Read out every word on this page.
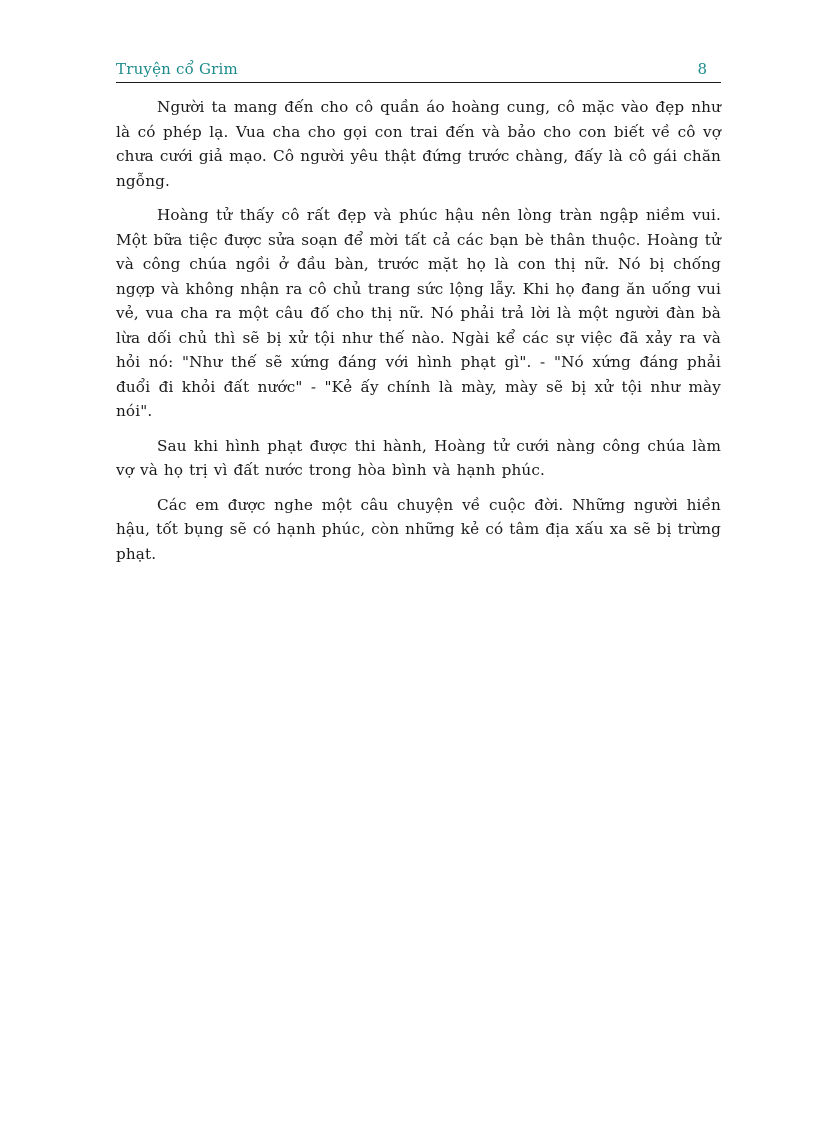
Truyện cổ Grim	8

Người ta mang đến cho cô quần áo hoàng cung, cô mặc vào đẹp như là có phép lạ. Vua cha cho gọi con trai đến và bảo cho con biết về cô vợ chưa cưới giả mạo. Cô người yêu thật đứng trước chàng, đấy là cô gái chăn ngỗng.

Hoàng tử thấy cô rất đẹp và phúc hậu nên lòng tràn ngập niềm vui. Một bữa tiệc được sửa soạn để mời tất cả các bạn bè thân thuộc. Hoàng tử và công chúa ngồi ở đầu bàn, trước mặt họ là con thị nữ. Nó bị chống ngợp và không nhận ra cô chủ trang sức lộng lẫy. Khi họ đang ăn uống vui vẻ, vua cha ra một câu đố cho thị nữ. Nó phải trả lời là một người đàn bà lừa dối chủ thì sẽ bị xử tội như thế nào. Ngài kể các sự việc đã xảy ra và hỏi nó: "Như thế sẽ xứng đáng với hình phạt gì". - "Nó xứng đáng phải đuổi đi khỏi đất nước" - "Kẻ ấy chính là mày, mày sẽ bị xử tội như mày nói".

Sau khi hình phạt được thi hành, Hoàng tử cưới nàng công chúa làm vợ và họ trị vì đất nước trong hòa bình và hạnh phúc.

Các em được nghe một câu chuyện về cuộc đời. Những người hiền hậu, tốt bụng sẽ có hạnh phúc, còn những kẻ có tâm địa xấu xa sẽ bị trừng phạt.
